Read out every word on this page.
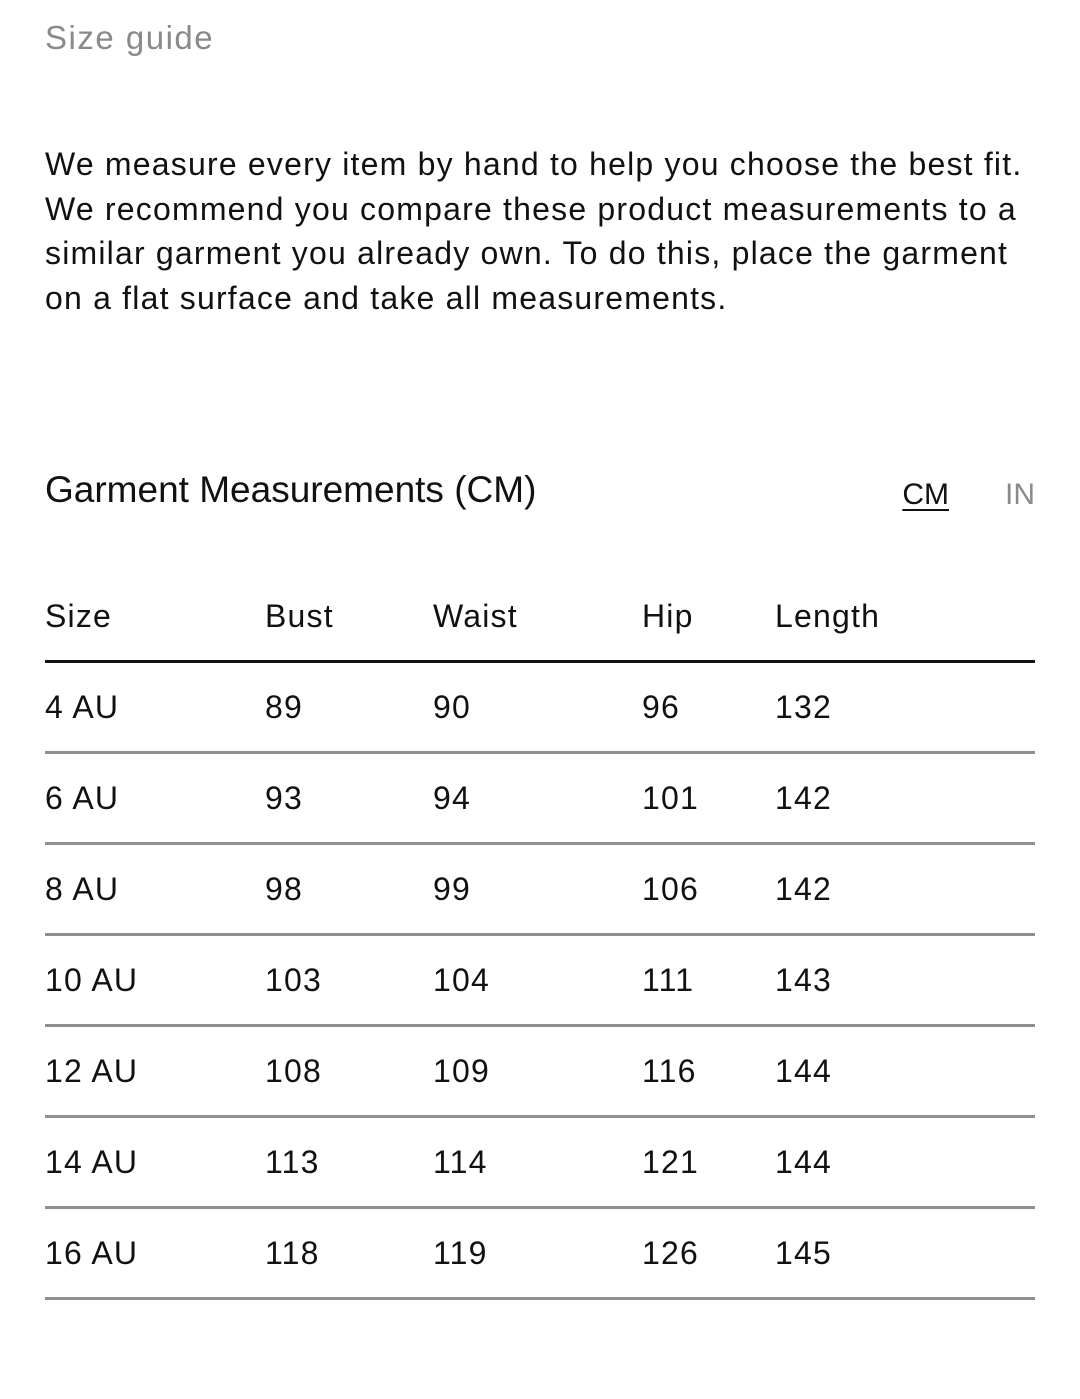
Size guide

We measure every item by hand to help you choose the best fit. We recommend you compare these product measurements to a similar garment you already own. To do this, place the garment on a flat surface and take all measurements.

Garment Measurements (CM)	CM IN
Size	Bust	Waist	Hip	Length
4 AU	89	90	96	132
6 AU	93	94	101	142
8 AU	98	99	106	142
10 AU	103	104	111	143
12 AU	108	109	116	144
14 AU	113	114	121	144
16 AU	118	119	126	145
